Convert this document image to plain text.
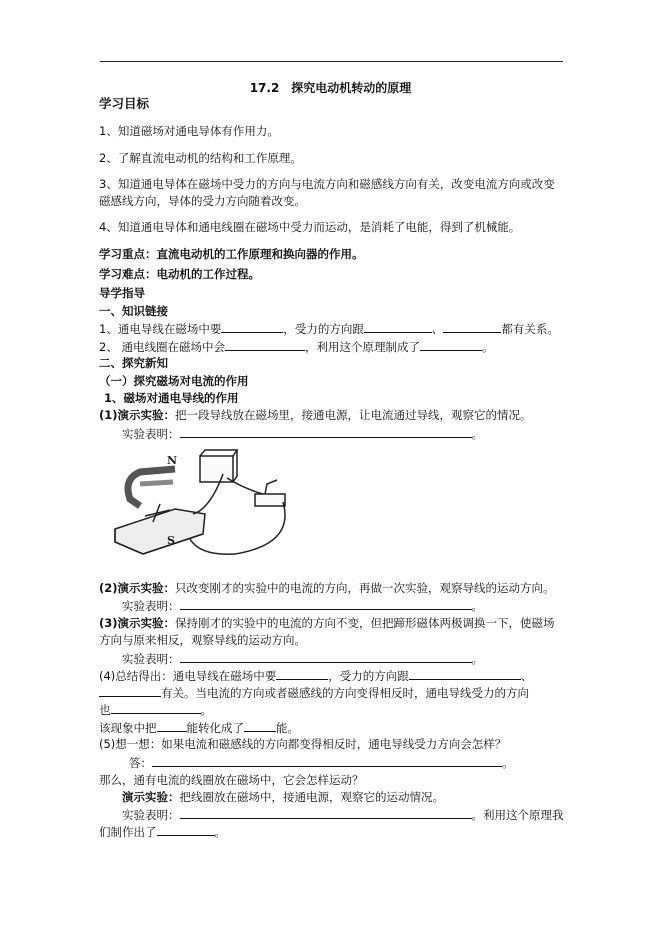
17.2　探究电动机转动的原理
学习目标
1、知道磁场对通电导体有作用力。
2、了解直流电动机的结构和工作原理。
3、知道通电导体在磁场中受力的方向与电流方向和磁感线方向有关，改变电流方向或改变
磁感线方向，导体的受力方向随着改变。
4、知道通电导体和通电线圈在磁场中受力而运动，是消耗了电能，得到了机械能。
学习重点：直流电动机的工作原理和换向器的作用。
学习难点：电动机的工作过程。
导学指导
一、知识链接
1、通电导线在磁场中要	，受力的方向跟	、	都有关系。
2、 通电线圈在磁场中会	，利用这个原理制成了	。
二、探究新知
（一）探究磁场对电流的作用
1、磁场对通电导线的作用
(1)演示实验：把一段导线放在磁场里，接通电源，让电流通过导线，观察它的情况。
实验表明：	。
N
S
(2)演示实验：只改变刚才的实验中的电流的方向，再做一次实验，观察导线的运动方向。
实验表明：	。
(3)演示实验：保持刚才的实验中的电流的方向不变，但把蹄形磁体两极调换一下，使磁场
方向与原来相反，观察导线的运动方向。
实验表明：	。
(4)总结得出：通电导线在磁场中要	，受力的方向跟	、
有关。当电流的方向或者磁感线的方向变得相反时，通电导线受力的方向
也	。
该现象中把	能转化成了	能。
(5)想一想：如果电流和磁感线的方向都变得相反时，通电导线受力方向会怎样？
答：	。
那么，通有电流的线圈放在磁场中，它会怎样运动？
演示实验：把线圈放在磁场中，接通电源，观察它的运动情况。
实验表明：	。利用这个原理我
们制作出了	。
